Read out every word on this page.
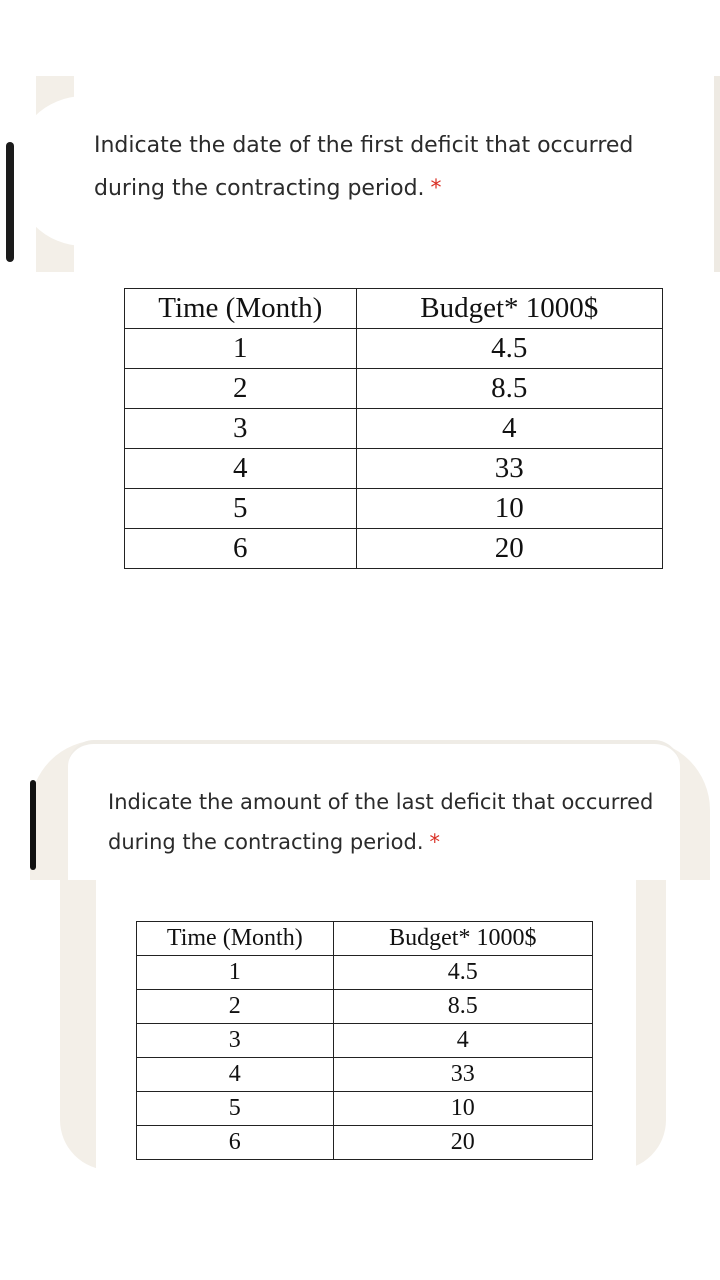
Indicate the date of the first deficit that occurred during the contracting period. *
Time (Month)	Budget* 1000$
1	4.5
2	8.5
3	4
4	33
5	10
6	20
Indicate the amount of the last deficit that occurred during the contracting period. *
Time (Month)	Budget* 1000$
1	4.5
2	8.5
3	4
4	33
5	10
6	20
